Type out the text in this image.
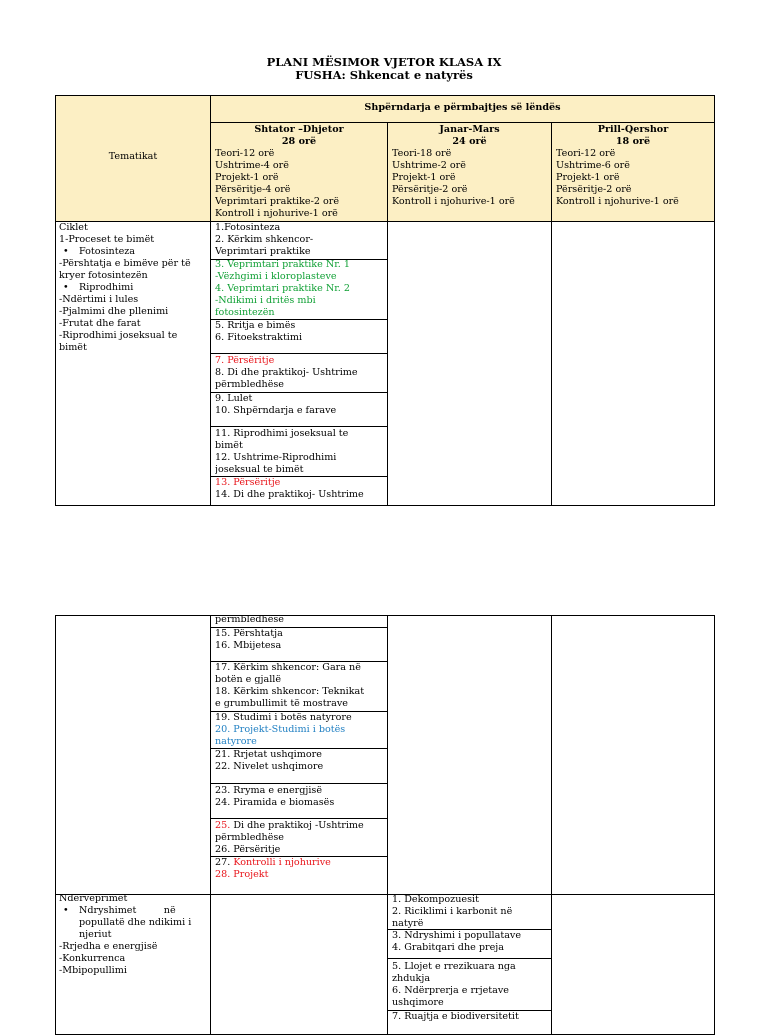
PLANI MËSIMOR VJETOR KLASA IX
FUSHA: Shkencat e natyrës
Shpërndarja e përmbajtjes së lëndës
Tematikat
Shtator –Dhjetor
28 orë
Teori-12 orë
Ushtrime-4 orë
Projekt-1 orë
Përsëritje-4 orë
Veprimtari praktike-2 orë
Kontroll i njohurive-1 orë
Janar-Mars
24 orë
Teori-18 orë
Ushtrime-2 orë
Projekt-1 orë
Përsëritje-2 orë
Kontroll i njohurive-1 orë
Prill-Qershor
18 orë
Teori-12 orë
Ushtrime-6 orë
Projekt-1 orë
Përsëritje-2 orë
Kontroll i njohurive-1 orë
Ciklet
1-Proceset te bimët
• Fotosinteza
-Përshtatja e bimëve për të
kryer fotosintezën
• Riprodhimi
-Ndërtimi i lules
-Pjalmimi dhe pllenimi
-Frutat dhe farat
-Riprodhimi joseksual te
bimët
1.Fotosinteza
2. Kërkim shkencor-
Veprimtari praktike
3. Veprimtari praktike Nr. 1
-Vëzhgimi i kloroplasteve
4. Veprimtari praktike Nr. 2
-Ndikimi i dritës mbi
fotosintezën
5. Rritja e bimës
6. Fitoekstraktimi
7. Përsëritje
8. Di dhe praktikoj- Ushtrime
përmbledhëse
9. Lulet
10. Shpërndarja e farave
11. Riprodhimi joseksual te
bimët
12. Ushtrime-Riprodhimi
joseksual te bimët
13. Përsëritje
14. Di dhe praktikoj- Ushtrime
përmbledhëse
15. Përshtatja
16. Mbijetesa
17. Kërkim shkencor: Gara në
botën e gjallë
18. Kërkim shkencor: Teknikat
e grumbullimit të mostrave
19. Studimi i botës natyrore
20. Projekt-Studimi i botës
natyrore
21. Rrjetat ushqimore
22. Nivelet ushqimore
23. Rryma e energjisë
24. Piramida e biomasës
25. Di dhe praktikoj -Ushtrime
përmbledhëse
26. Përsëritje
27. Kontrolli i njohurive
28. Projekt
Ndërveprimet
• Ndryshimet         në
popullatë dhe ndikimi i
njeriut
-Rrjedha e energjisë
-Konkurrenca
-Mbipopullimi
1. Dekompozuesit
2. Riciklimi i karbonit në
natyrë
3. Ndryshimi i popullatave
4. Grabitqari dhe preja
5. Llojet e rrezikuara nga
zhdukja
6. Ndërprerja e rrjetave
ushqimore
7. Ruajtja e biodiversitetit
